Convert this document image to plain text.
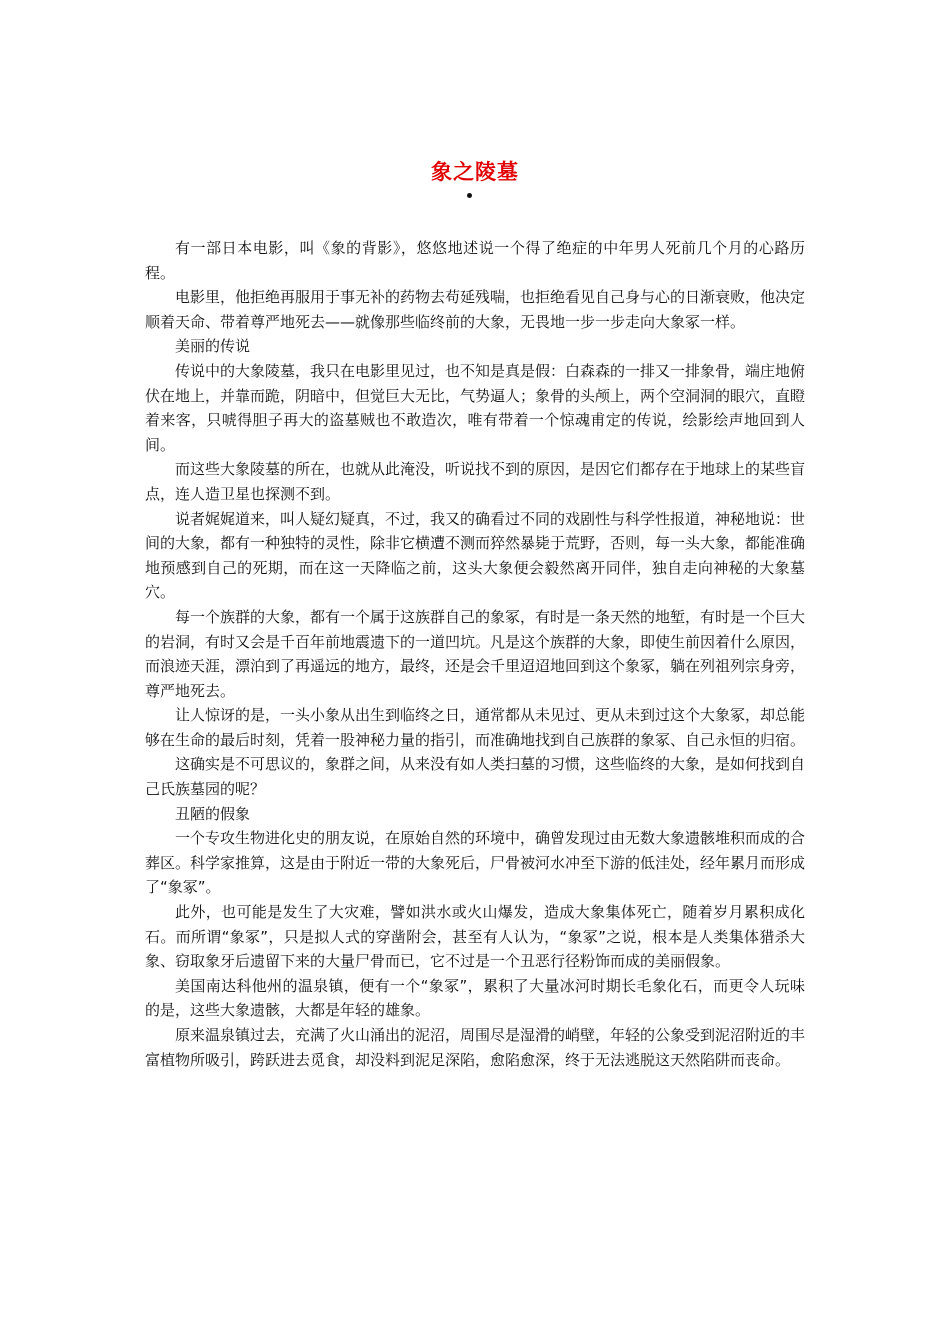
象之陵墓

有一部日本电影，叫《象的背影》，悠悠地述说一个得了绝症的中年男人死前几个月的心路历程。

电影里，他拒绝再服用于事无补的药物去苟延残喘，也拒绝看见自己身与心的日渐衰败，他决定顺着天命、带着尊严地死去——就像那些临终前的大象，无畏地一步一步走向大象冢一样。

美丽的传说

传说中的大象陵墓，我只在电影里见过，也不知是真是假：白森森的一排又一排象骨，端庄地俯伏在地上，并靠而跪，阴暗中，但觉巨大无比，气势逼人；象骨的头颅上，两个空洞洞的眼穴，直瞪着来客，只唬得胆子再大的盗墓贼也不敢造次，唯有带着一个惊魂甫定的传说，绘影绘声地回到人间。

而这些大象陵墓的所在，也就从此淹没，听说找不到的原因，是因它们都存在于地球上的某些盲点，连人造卫星也探测不到。

说者娓娓道来，叫人疑幻疑真，不过，我又的确看过不同的戏剧性与科学性报道，神秘地说：世间的大象，都有一种独特的灵性，除非它横遭不测而猝然暴毙于荒野，否则，每一头大象，都能准确地预感到自己的死期，而在这一天降临之前，这头大象便会毅然离开同伴，独自走向神秘的大象墓穴。

每一个族群的大象，都有一个属于这族群自己的象冢，有时是一条天然的地堑，有时是一个巨大的岩洞，有时又会是千百年前地震遗下的一道凹坑。凡是这个族群的大象，即使生前因着什么原因，而浪迹天涯，漂泊到了再遥远的地方，最终，还是会千里迢迢地回到这个象冢，躺在列祖列宗身旁，尊严地死去。

让人惊讶的是，一头小象从出生到临终之日，通常都从未见过、更从未到过这个大象冢，却总能够在生命的最后时刻，凭着一股神秘力量的指引，而准确地找到自己族群的象冢、自己永恒的归宿。

这确实是不可思议的，象群之间，从来没有如人类扫墓的习惯，这些临终的大象，是如何找到自己氏族墓园的呢？

丑陋的假象

一个专攻生物进化史的朋友说，在原始自然的环境中，确曾发现过由无数大象遗骸堆积而成的合葬区。科学家推算，这是由于附近一带的大象死后，尸骨被河水冲至下游的低洼处，经年累月而形成了“象冢”。

此外，也可能是发生了大灾难，譬如洪水或火山爆发，造成大象集体死亡，随着岁月累积成化石。而所谓“象冢”，只是拟人式的穿凿附会，甚至有人认为，“象冢”之说，根本是人类集体猎杀大象、窃取象牙后遗留下来的大量尸骨而已，它不过是一个丑恶行径粉饰而成的美丽假象。

美国南达科他州的温泉镇，便有一个“象冢”，累积了大量冰河时期长毛象化石，而更令人玩味的是，这些大象遗骸，大都是年轻的雄象。

原来温泉镇过去，充满了火山涌出的泥沼，周围尽是湿滑的峭壁，年轻的公象受到泥沼附近的丰富植物所吸引，跨跃进去觅食，却没料到泥足深陷，愈陷愈深，终于无法逃脱这天然陷阱而丧命。
